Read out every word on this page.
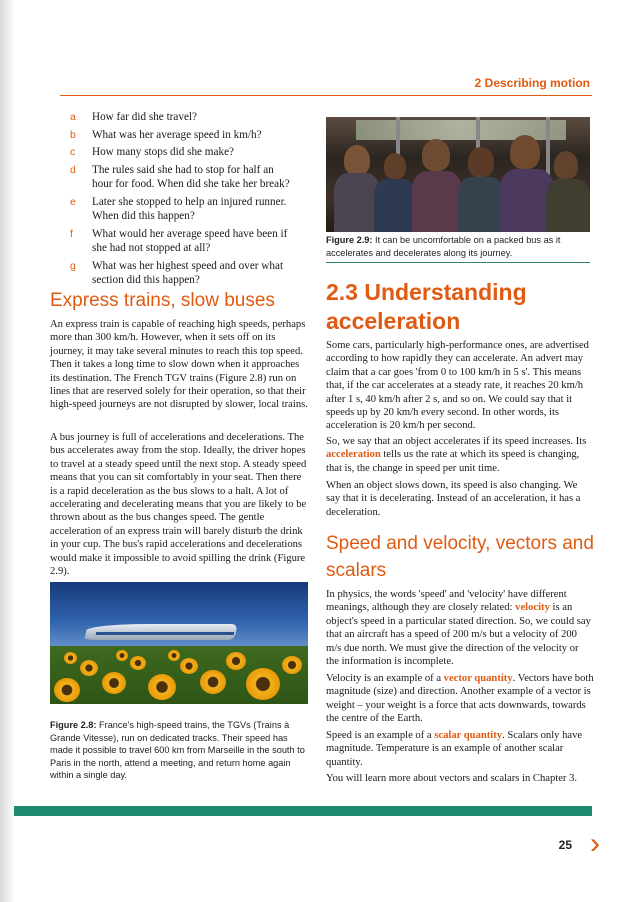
2 Describing motion
a How far did she travel?
b What was her average speed in km/h?
c How many stops did she make?
d The rules said she had to stop for half an hour for food. When did she take her break?
e Later she stopped to help an injured runner. When did this happen?
f What would her average speed have been if she had not stopped at all?
g What was her highest speed and over what section did this happen?
Figure 2.9: It can be uncomfortable on a packed bus as it accelerates and decelerates along its journey.
Express trains, slow buses

An express train is capable of reaching high speeds, perhaps more than 300 km/h. However, when it sets off on its journey, it may take several minutes to reach this top speed. Then it takes a long time to slow down when it approaches its destination. The French TGV trains (Figure 2.8) run on lines that are reserved solely for their operation, so that their high-speed journeys are not disrupted by slower, local trains.

A bus journey is full of accelerations and decelerations. The bus accelerates away from the stop. Ideally, the driver hopes to travel at a steady speed until the next stop. A steady speed means that you can sit comfortably in your seat. Then there is a rapid deceleration as the bus slows to a halt. A lot of accelerating and decelerating means that you are likely to be thrown about as the bus changes speed. The gentle acceleration of an express train will barely disturb the drink in your cup. The bus's rapid accelerations and decelerations would make it impossible to avoid spilling the drink (Figure 2.9).

Figure 2.8: France's high-speed trains, the TGVs (Trains à Grande Vitesse), run on dedicated tracks. Their speed has made it possible to travel 600 km from Marseille in the south to Paris in the north, attend a meeting, and return home again within a single day.
2.3 Understanding acceleration

Some cars, particularly high-performance ones, are advertised according to how rapidly they can accelerate. An advert may claim that a car goes 'from 0 to 100 km/h in 5 s'. This means that, if the car accelerates at a steady rate, it reaches 20 km/h after 1 s, 40 km/h after 2 s, and so on. We could say that it speeds up by 20 km/h every second. In other words, its acceleration is 20 km/h per second.

So, we say that an object accelerates if its speed increases. Its acceleration tells us the rate at which its speed is changing, that is, the change in speed per unit time.

When an object slows down, its speed is also changing. We say that it is decelerating. Instead of an acceleration, it has a deceleration.

Speed and velocity, vectors and scalars

In physics, the words 'speed' and 'velocity' have different meanings, although they are closely related: velocity is an object's speed in a particular stated direction. So, we could say that an aircraft has a speed of 200 m/s but a velocity of 200 m/s due north. We must give the direction of the velocity or the information is incomplete.

Velocity is an example of a vector quantity. Vectors have both magnitude (size) and direction. Another example of a vector is weight – your weight is a force that acts downwards, towards the centre of the Earth.

Speed is an example of a scalar quantity. Scalars only have magnitude. Temperature is an example of another scalar quantity.

You will learn more about vectors and scalars in Chapter 3.

25 ›
